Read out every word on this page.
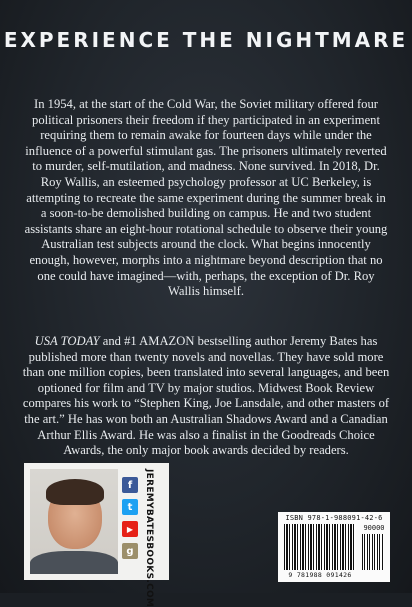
EXPERIENCE THE NIGHTMARE

In 1954, at the start of the Cold War, the Soviet military offered four political prisoners their freedom if they participated in an experiment requiring them to remain awake for fourteen days while under the influence of a powerful stimulant gas. The prisoners ultimately reverted to murder, self-mutilation, and madness. None survived. In 2018, Dr. Roy Wallis, an esteemed psychology professor at UC Berkeley, is attempting to recreate the same experiment during the summer break in a soon-to-be demolished building on campus. He and two student assistants share an eight-hour rotational schedule to observe their young Australian test subjects around the clock. What begins innocently enough, however, morphs into a nightmare beyond description that no one could have imagined—with, perhaps, the exception of Dr. Roy Wallis himself.

USA TODAY and #1 AMAZON bestselling author Jeremy Bates has published more than twenty novels and novellas. They have sold more than one million copies, been translated into several languages, and been optioned for film and TV by major studios. Midwest Book Review compares his work to “Stephen King, Joe Lansdale, and other masters of the art.” He has won both an Australian Shadows Award and a Canadian Arthur Ellis Award. He was also a finalist in the Goodreads Choice Awards, the only major book awards decided by readers.

f
t
▶
g	JEREMYBATESBOOKS.COM	ISBN 978-1-988091-42-6
90000
9 781988 091426
